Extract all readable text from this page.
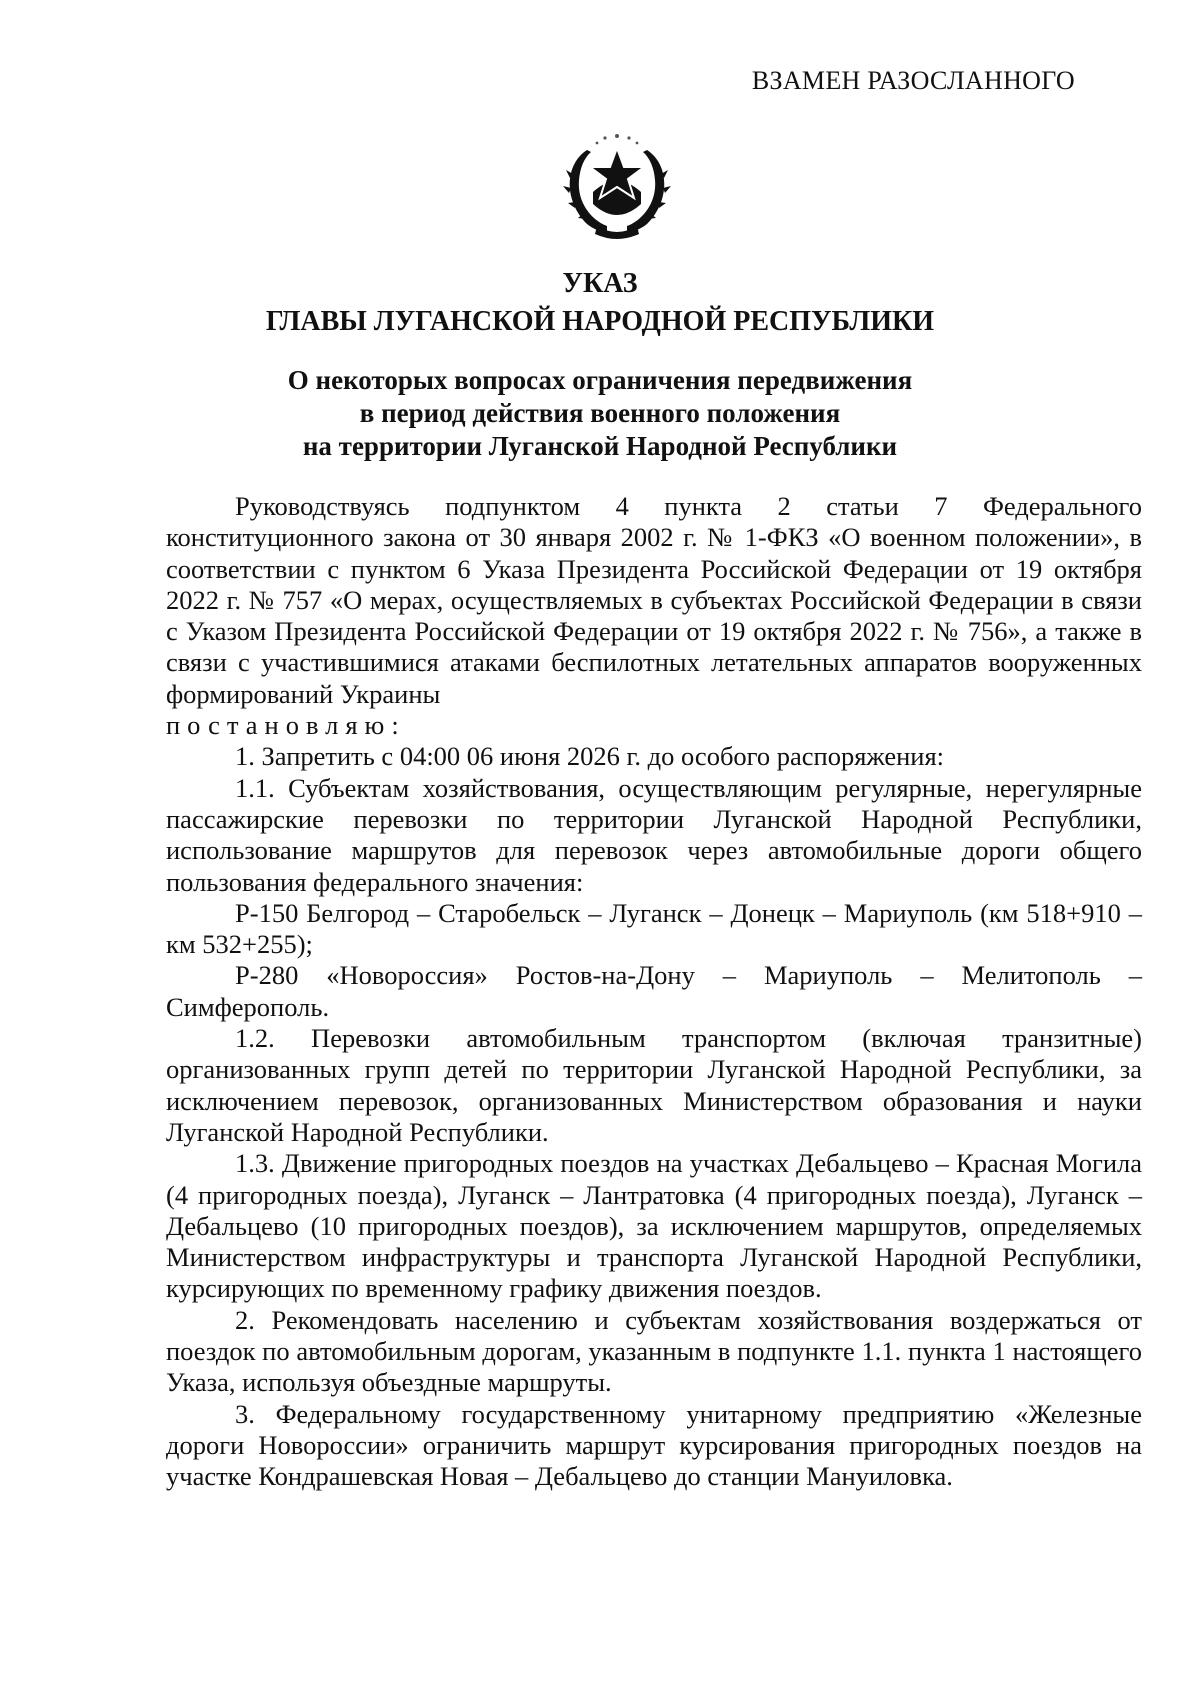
ВЗАМЕН РАЗОСЛАННОГО
УКАЗ
ГЛАВЫ ЛУГАНСКОЙ НАРОДНОЙ РЕСПУБЛИКИ
О некоторых вопросах ограничения передвижения
в период действия военного положения
на территории Луганской Народной Республики

Руководствуясь подпунктом 4 пункта 2 статьи 7 Федерального конституционного закона от 30 января 2002 г. № 1-ФКЗ «О военном положении», в соответствии с пунктом 6 Указа Президента Российской Федерации от 19 октября 2022 г. № 757 «О мерах, осуществляемых в субъектах Российской Федерации в связи с Указом Президента Российской Федерации от 19 октября 2022 г. № 756», а также в связи с участившимися атаками беспилотных летательных аппаратов вооруженных формирований Украины

постановляю:

1. Запретить с 04:00 06 июня 2026 г. до особого распоряжения:

1.1. Субъектам хозяйствования, осуществляющим регулярные, нерегулярные пассажирские перевозки по территории Луганской Народной Республики, использование маршрутов для перевозок через автомобильные дороги общего пользования федерального значения:

Р-150 Белгород – Старобельск – Луганск – Донецк – Мариуполь (км 518+910 – км 532+255);

Р-280 «Новороссия» Ростов-на-Дону – Мариуполь – Мелитополь – Симферополь.

1.2. Перевозки автомобильным транспортом (включая транзитные) организованных групп детей по территории Луганской Народной Республики, за исключением перевозок, организованных Министерством образования и науки Луганской Народной Республики.

1.3. Движение пригородных поездов на участках Дебальцево – Красная Могила (4 пригородных поезда), Луганск – Лантратовка (4 пригородных поезда), Луганск – Дебальцево (10 пригородных поездов), за исключением маршрутов, определяемых Министерством инфраструктуры и транспорта Луганской Народной Республики, курсирующих по временному графику движения поездов.

2. Рекомендовать населению и субъектам хозяйствования воздержаться от поездок по автомобильным дорогам, указанным в подпункте 1.1. пункта 1 настоящего Указа, используя объездные маршруты.

3. Федеральному государственному унитарному предприятию «Железные дороги Новороссии» ограничить маршрут курсирования пригородных поездов на участке Кондрашевская Новая – Дебальцево до станции Мануиловка.
